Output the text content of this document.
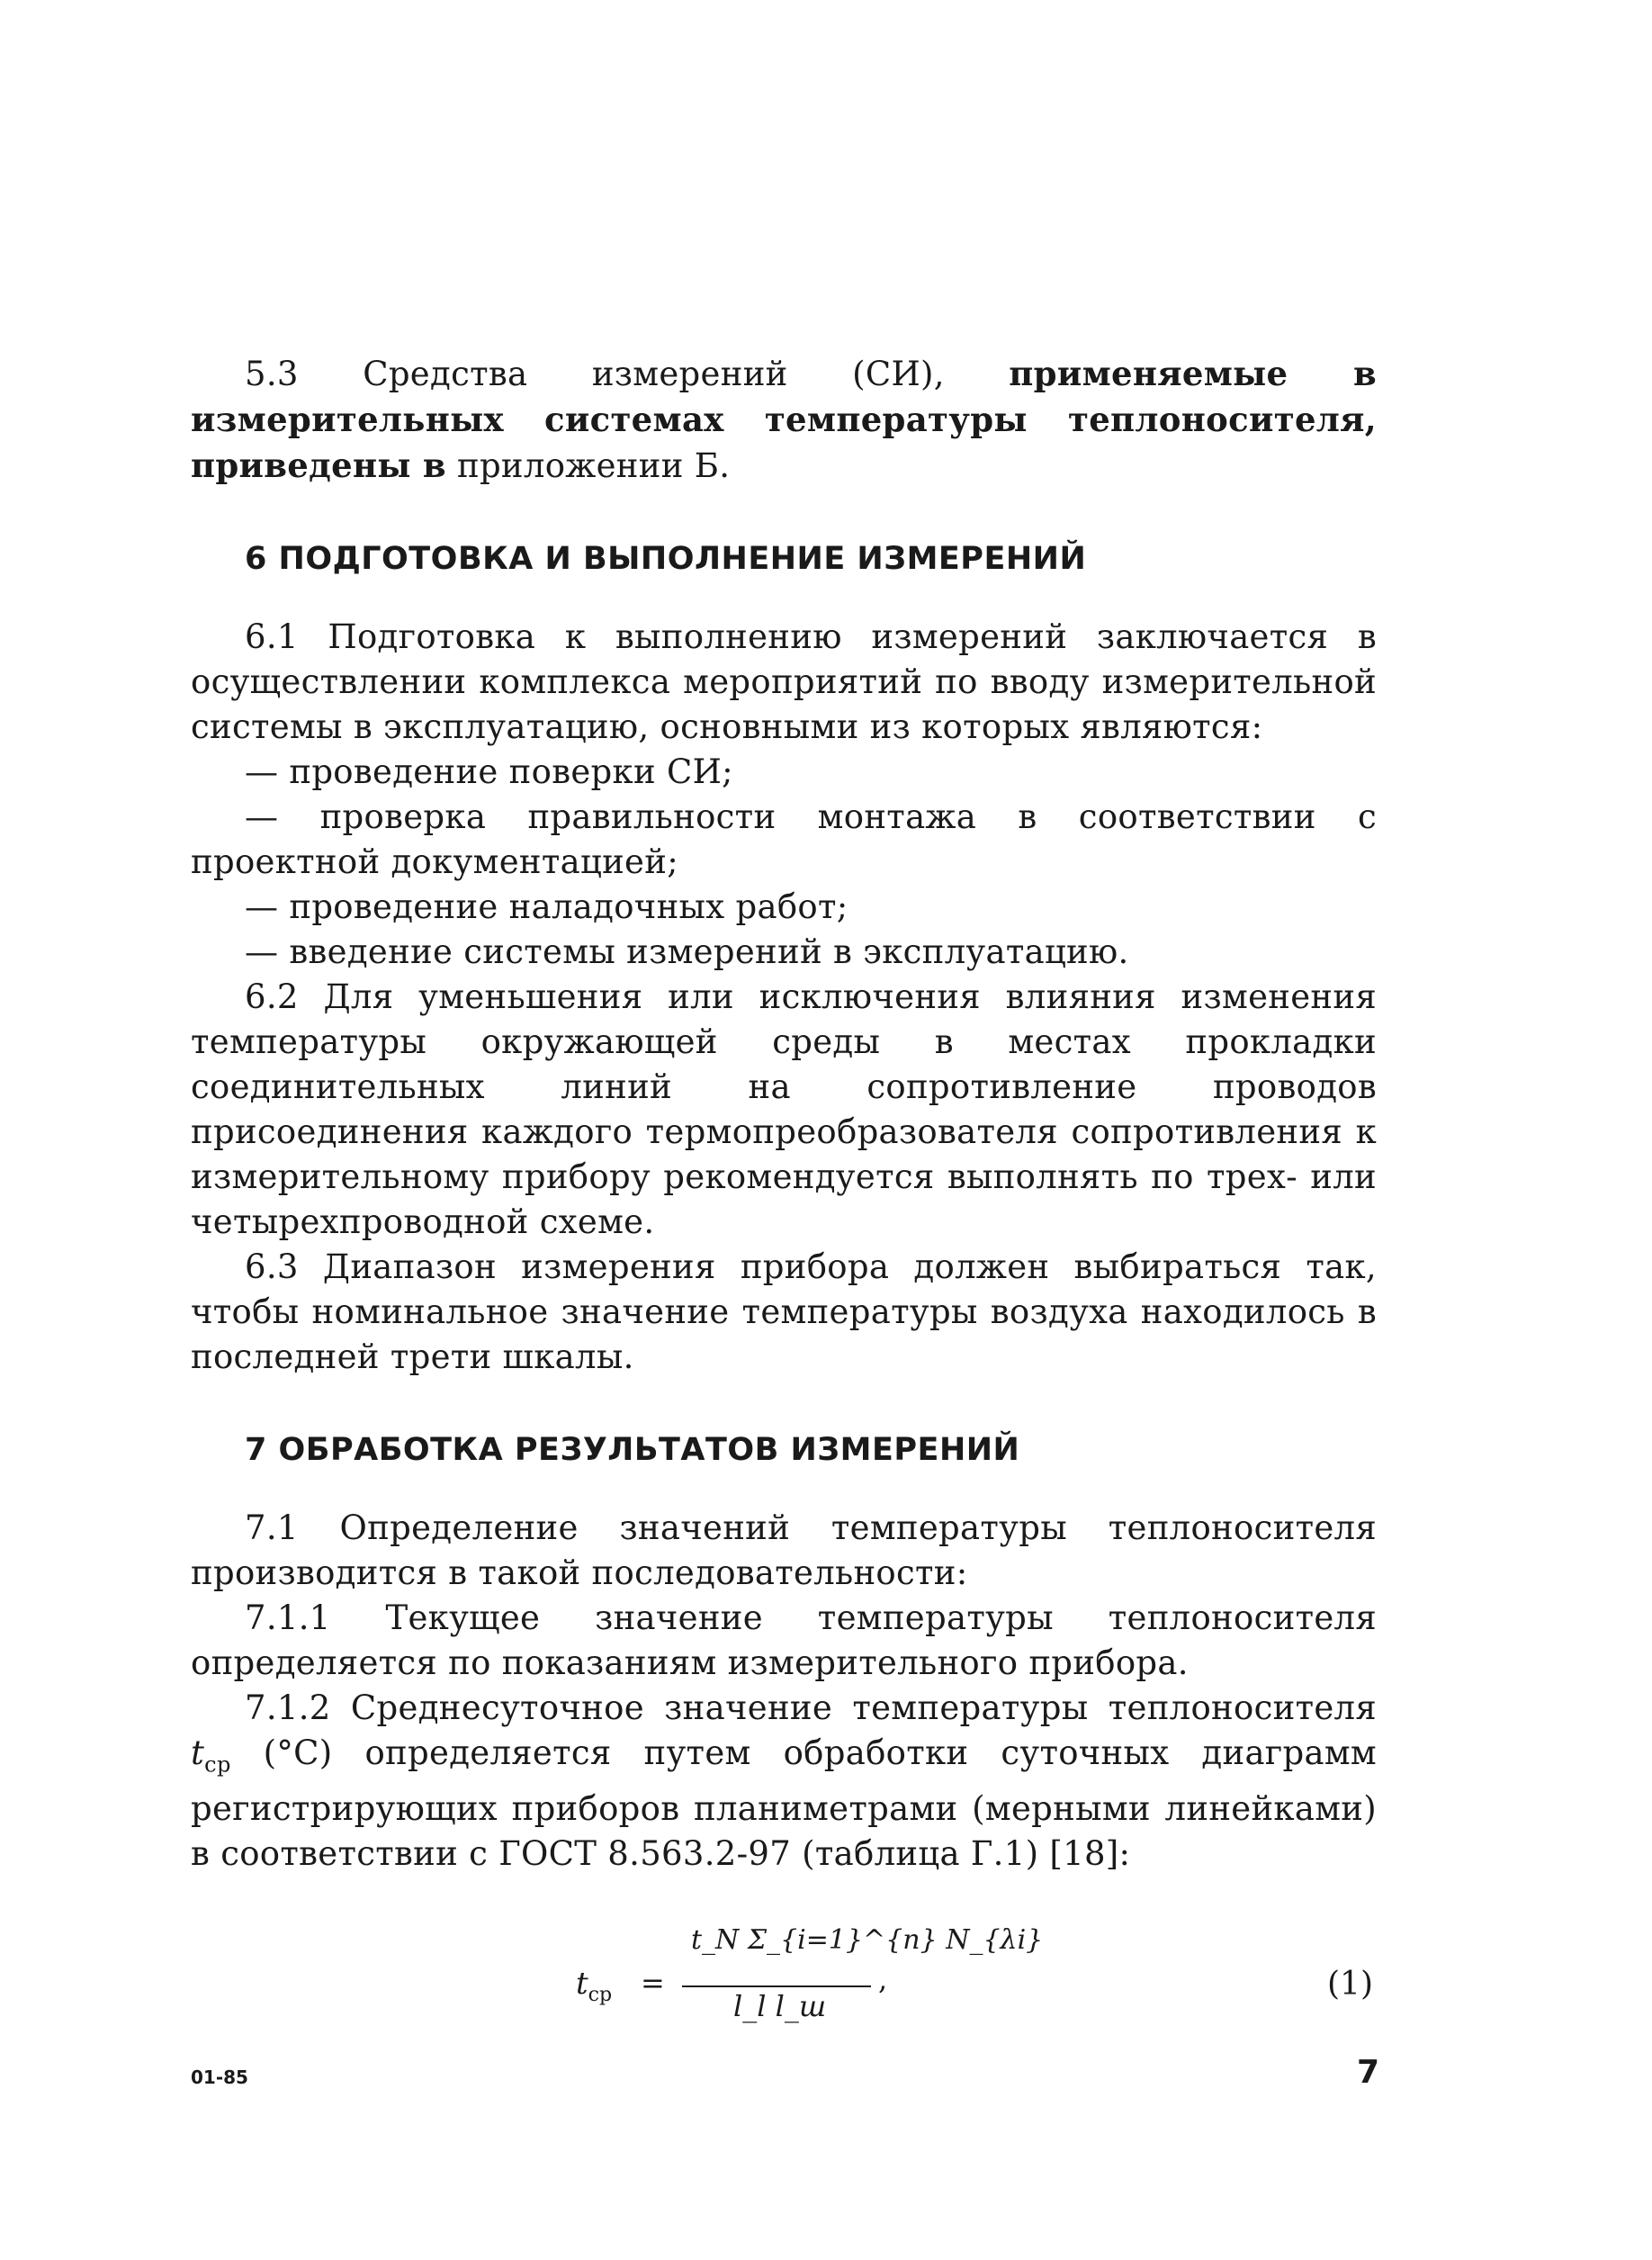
5.3 Средства измерений (СИ), применяемые в измерительных системах температуры теплоносителя, приведены в приложении Б.

6 ПОДГОТОВКА И ВЫПОЛНЕНИЕ ИЗМЕРЕНИЙ

6.1 Подготовка к выполнению измерений заключается в осуществлении комплекса мероприятий по вводу измерительной системы в эксплуатацию, основными из которых являются:

— проведение поверки СИ;

— проверка правильности монтажа в соответствии с проектной документацией;

— проведение наладочных работ;

— введение системы измерений в эксплуатацию.

6.2 Для уменьшения или исключения влияния изменения температуры окружающей среды в местах прокладки соединительных линий на сопротивление проводов присоединения каждого термопреобразователя сопротивления к измерительному прибору рекомендуется выполнять по трех- или четырехпроводной схеме.

6.3 Диапазон измерения прибора должен выбираться так, чтобы номинальное значение температуры воздуха находилось в последней трети шкалы.

7 ОБРАБОТКА РЕЗУЛЬТАТОВ ИЗМЕРЕНИЙ

7.1 Определение значений температуры теплоносителя производится в такой последовательности:

7.1.1 Текущее значение температуры теплоносителя определяется по показаниям измерительного прибора.

7.1.2 Среднесуточное значение температуры теплоносителя $t_{ср}$ (°С) определяется путем обработки суточных диаграмм регистрирующих приборов планиметрами (мерными линейками) в соответствии с ГОСТ 8.563.2-97 (таблица Г.1) [18]:

$t_{ср}$ =
t_N Σ_{i=1}^{n} N_{λi}
l_l l_ш
,	(1)
01-85	7
